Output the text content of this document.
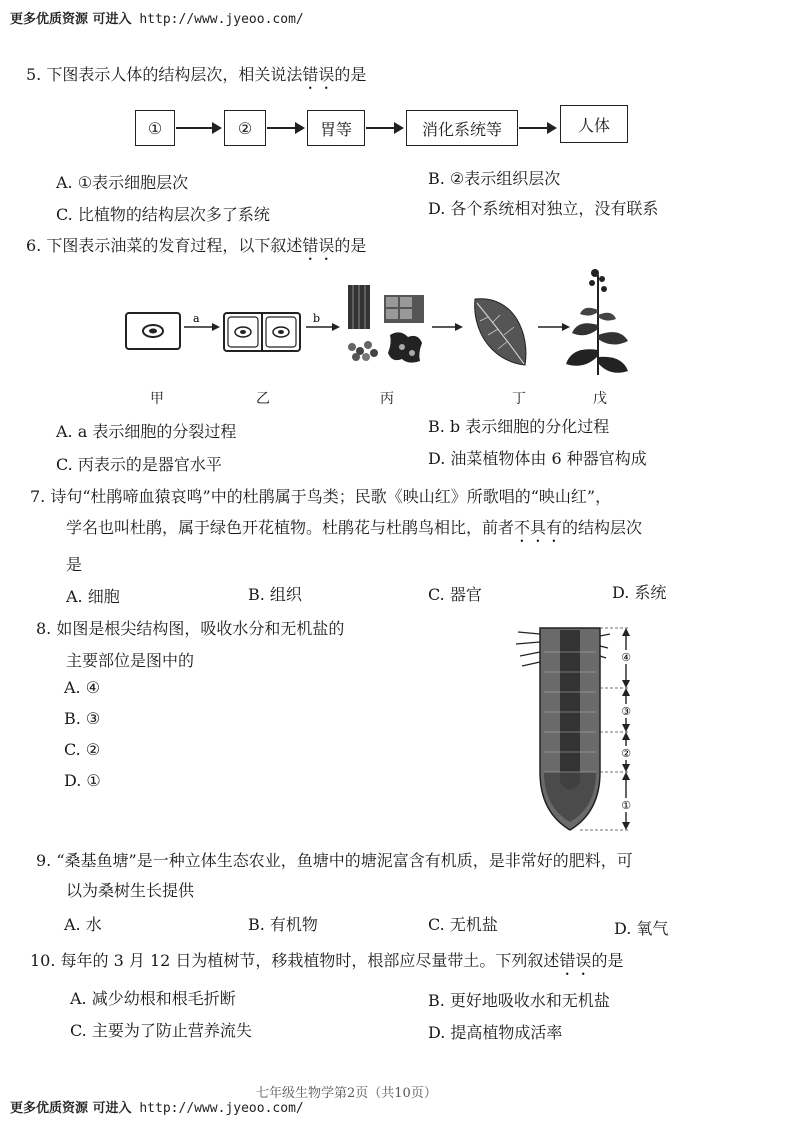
更多优质资源 可进入 http://www.jyeoo.com/
5. 下图表示人体的结构层次，相关说法错误的是
①	②	胃等	消化系统等	人体
A. ①表示细胞层次	B. ②表示组织层次
C. 比植物的结构层次多了系统	D. 各个系统相对独立，没有联系
6. 下图表示油菜的发育过程，以下叙述错误的是
a	b
甲	乙	丙	丁	戊
A. a 表示细胞的分裂过程	B. b 表示细胞的分化过程
C. 丙表示的是器官水平	D. 油菜植物体由 6 种器官构成
7. 诗句“杜鹃啼血猿哀鸣”中的杜鹃属于鸟类；民歌《映山红》所歌唱的“映山红”，
学名也叫杜鹃，属于绿色开花植物。杜鹃花与杜鹃鸟相比，前者不具有的结构层次
是
A. 细胞	B. 组织	C. 器官	D. 系统
8. 如图是根尖结构图，吸收水分和无机盐的
主要部位是图中的
A. ④
B. ③
C. ②
D. ①
④
③
②
①
9. “桑基鱼塘”是一种立体生态农业，鱼塘中的塘泥富含有机质，是非常好的肥料，可
以为桑树生长提供
A. 水	B. 有机物	C. 无机盐	D. 氧气
10. 每年的 3 月 12 日为植树节，移栽植物时，根部应尽量带土。下列叙述错误的是
A. 减少幼根和根毛折断	B. 更好地吸收水和无机盐
C. 主要为了防止营养流失	D. 提高植物成活率
七年级生物学第2页（共10页）
更多优质资源 可进入 http://www.jyeoo.com/
